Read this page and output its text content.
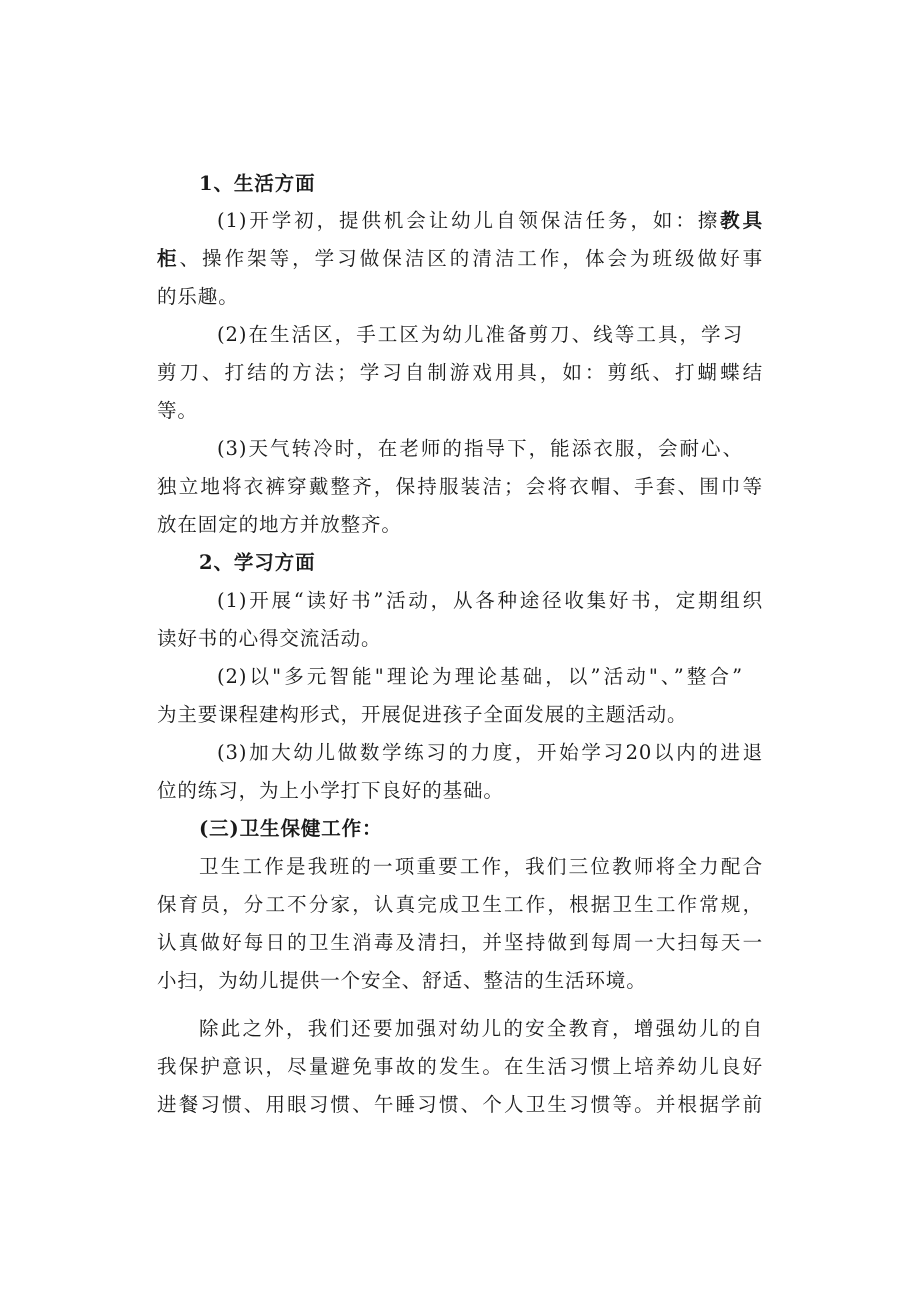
1、生活方面
(1)开学初，提供机会让幼儿自领保洁任务，如：擦教具
柜、操作架等，学习做保洁区的清洁工作，体会为班级做好事
的乐趣。
(2)在生活区，手工区为幼儿准备剪刀、线等工具，学习
剪刀、打结的方法；学习自制游戏用具，如：剪纸、打蝴蝶结
等。
(3)天气转冷时，在老师的指导下，能添衣服，会耐心、
独立地将衣裤穿戴整齐，保持服装洁；会将衣帽、手套、围巾等
放在固定的地方并放整齐。
2、学习方面
(1)开展“读好书”活动，从各种途径收集好书，定期组织
读好书的心得交流活动。
(2)以"多元智能"理论为理论基础，以”活动"、”整合”
为主要课程建构形式，开展促进孩子全面发展的主题活动。
(3)加大幼儿做数学练习的力度，开始学习20以内的进退
位的练习，为上小学打下良好的基础。
(三)卫生保健工作：
卫生工作是我班的一项重要工作，我们三位教师将全力配合
保育员，分工不分家，认真完成卫生工作，根据卫生工作常规，
认真做好每日的卫生消毒及清扫，并坚持做到每周一大扫每天一
小扫，为幼儿提供一个安全、舒适、整洁的生活环境。
除此之外，我们还要加强对幼儿的安全教育，增强幼儿的自
我保护意识，尽量避免事故的发生。在生活习惯上培养幼儿良好
进餐习惯、用眼习惯、午睡习惯、个人卫生习惯等。并根据学前
